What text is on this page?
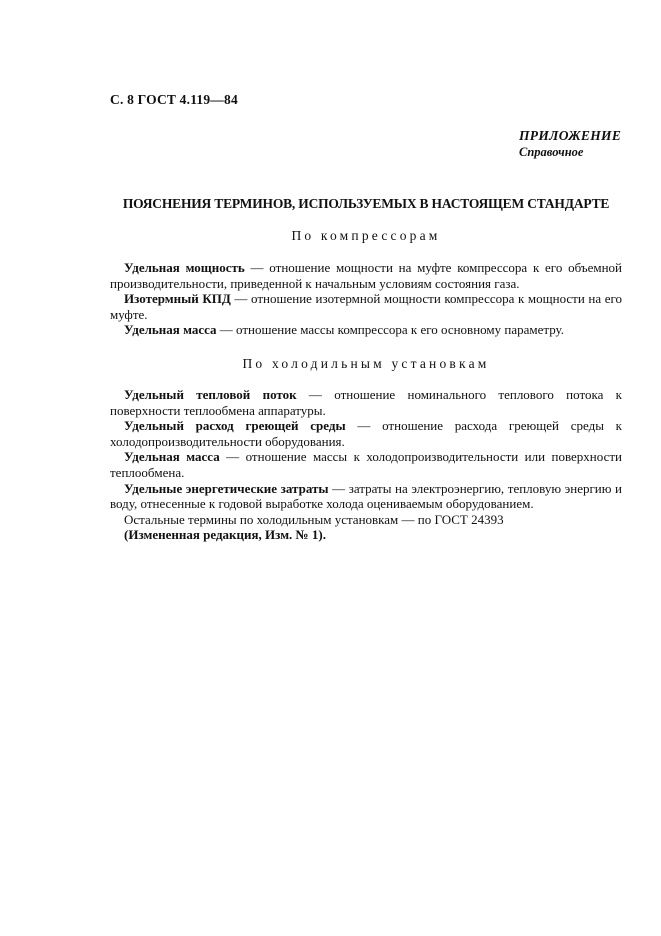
С. 8 ГОСТ 4.119—84
ПРИЛОЖЕНИЕ
Справочное
ПОЯСНЕНИЯ ТЕРМИНОВ, ИСПОЛЬЗУЕМЫХ В НАСТОЯЩЕМ СТАНДАРТЕ
По компрессорам

Удельная мощность — отношение мощности на муфте компрессора к его объемной производительности, приведенной к начальным условиям состояния газа.

Изотермный КПД — отношение изотермной мощности компрессора к мощности на его муфте.

Удельная масса — отношение массы компрессора к его основному параметру.

По холодильным установкам

Удельный тепловой поток — отношение номинального теплового потока к поверхности теплообмена аппаратуры.

Удельный расход греющей среды — отношение расхода греющей среды к холодопроизводительности оборудования.

Удельная масса — отношение массы к холодопроизводительности или поверхности теплообмена.

Удельные энергетические затраты — затраты на электроэнергию, тепловую энергию и воду, отнесенные к годовой выработке холода оцениваемым оборудованием.

Остальные термины по холодильным установкам — по ГОСТ 24393

(Измененная редакция, Изм. № 1).
